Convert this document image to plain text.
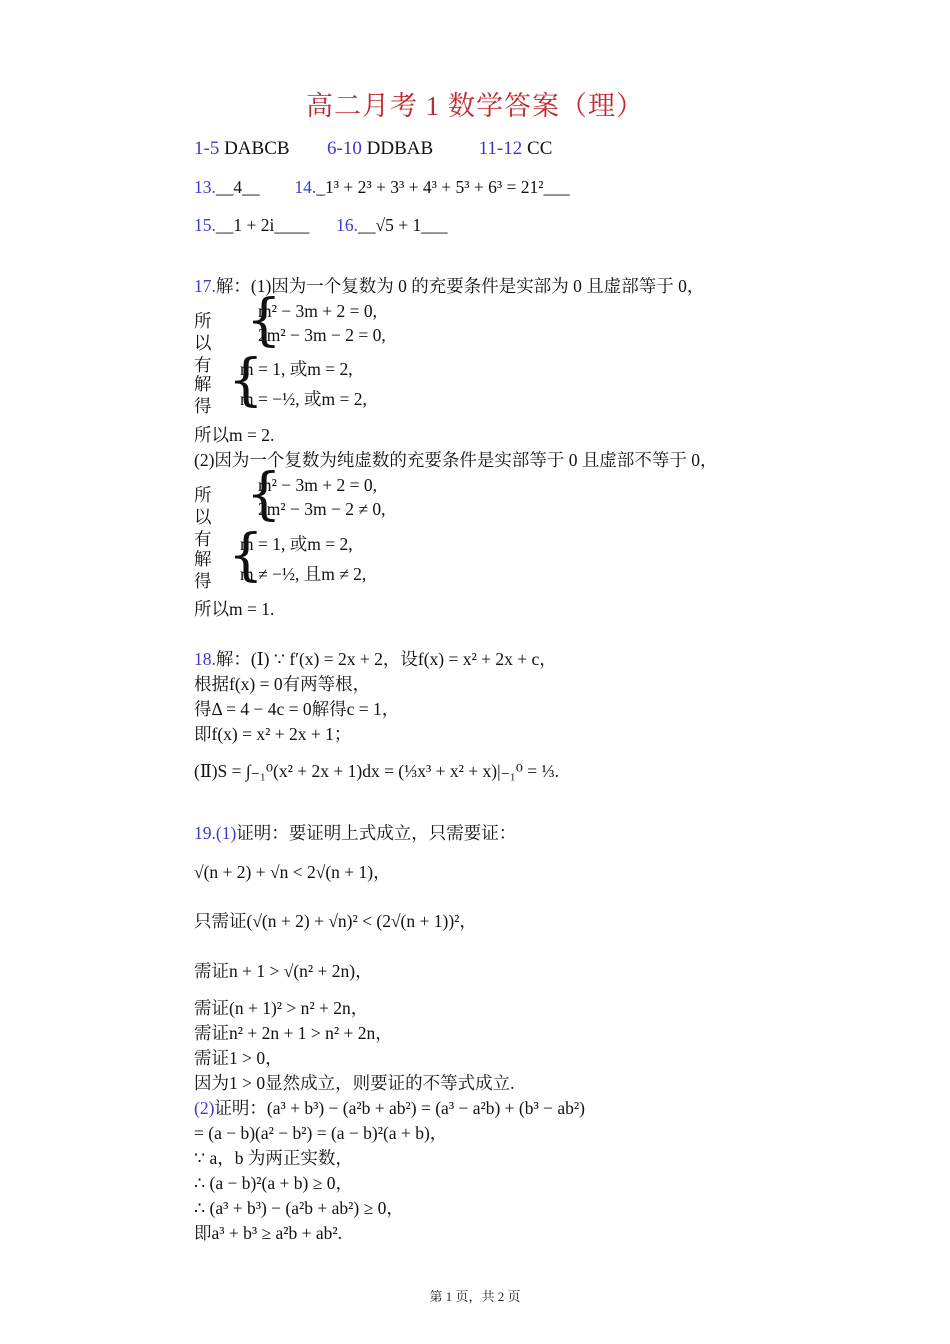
高二月考 1 数学答案（理）
1-5 DABCB 6-10 DDBAB 11-12 CC
13.__4__ 14._1³ + 2³ + 3³ + 4³ + 5³ + 6³ = 21²___
15.__1 + 2i____ 16.__√5 + 1___
17.解：(1)因为一个复数为 0 的充要条件是实部为 0 且虚部等于 0，
所以有
{
m² − 3m + 2 = 0,
2m² − 3m − 2 = 0,
解得 {
m = 1, 或m = 2,
m = −½, 或m = 2,
所以m = 2.
(2)因为一个复数为纯虚数的充要条件是实部等于 0 且虚部不等于 0，
所以有
{
m² − 3m + 2 = 0,
2m² − 3m − 2 ≠ 0,
解得 {
m = 1, 或m = 2,
m ≠ −½, 且m ≠ 2,
所以m = 1.
18.解：(Ⅰ) ∵ f′(x) = 2x + 2，设f(x) = x² + 2x + c，
根据f(x) = 0有两等根，
得Δ = 4 − 4c = 0解得c = 1，
即f(x) = x² + 2x + 1；
(Ⅱ)S = ∫₋₁⁰(x² + 2x + 1)dx = (⅓x³ + x² + x)|₋₁⁰ = ⅓.
19.(1)证明：要证明上式成立，只需要证：
√(n + 2) + √n < 2√(n + 1)，
只需证(√(n + 2) + √n)² < (2√(n + 1))²，
需证n + 1 > √(n² + 2n)，
需证(n + 1)² > n² + 2n，
需证n² + 2n + 1 > n² + 2n，
需证1 > 0，
因为1 > 0显然成立，则要证的不等式成立.
(2)证明：(a³ + b³) − (a²b + ab²) = (a³ − a²b) + (b³ − ab²)
= (a − b)(a² − b²) = (a − b)²(a + b)，
∵ a，b 为两正实数，
∴ (a − b)²(a + b) ≥ 0，
∴ (a³ + b³) − (a²b + ab²) ≥ 0，
即a³ + b³ ≥ a²b + ab².
第 1 页，共 2 页
